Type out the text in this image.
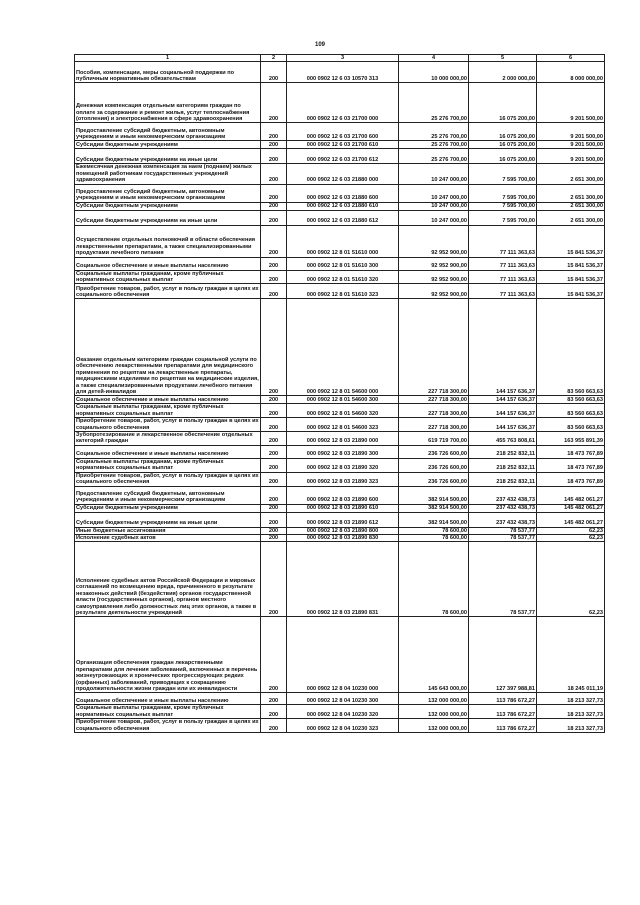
109
1	2	3	4	5	6
Пособия, компенсации, меры социальной поддержки по публичным нормативным обязательствам	200	000 0902 12 6 03 10570 313	10 000 000,00	2 000 000,00	8 000 000,00
Денежная компенсация отдельным категориям граждан по оплате за содержание и ремонт жилья, услуг теплоснабжения (отопления) и электроснабжения в сфере здравоохранения	200	000 0902 12 6 03 21700 000	25 276 700,00	16 075 200,00	9 201 500,00
Предоставление субсидий бюджетным, автономным учреждениям и иным некоммерческим организациям	200	000 0902 12 6 03 21700 600	25 276 700,00	16 075 200,00	9 201 500,00
Субсидии бюджетным учреждениям	200	000 0902 12 6 03 21700 610	25 276 700,00	16 075 200,00	9 201 500,00
Субсидии бюджетным учреждениям на иные цели	200	000 0902 12 6 03 21700 612	25 276 700,00	16 075 200,00	9 201 500,00
Ежемесячная денежная компенсация за наем (поднаем) жилых помещений работникам государственных учреждений здравоохранения	200	000 0902 12 6 03 21880 000	10 247 000,00	7 595 700,00	2 651 300,00
Предоставление субсидий бюджетным, автономным учреждениям и иным некоммерческим организациям	200	000 0902 12 6 03 21880 600	10 247 000,00	7 595 700,00	2 651 300,00
Субсидии бюджетным учреждениям	200	000 0902 12 6 03 21880 610	10 247 000,00	7 595 700,00	2 651 300,00
Субсидии бюджетным учреждениям на иные цели	200	000 0902 12 6 03 21880 612	10 247 000,00	7 595 700,00	2 651 300,00
Осуществление отдельных полномочий в области обеспечения лекарственными препаратами, а также специализированными продуктами лечебного питания	200	000 0902 12 8 01 51610 000	92 952 900,00	77 111 363,63	15 841 536,37
Социальное обеспечение и иные выплаты населению	200	000 0902 12 8 01 51610 300	92 952 900,00	77 111 363,63	15 841 536,37
Социальные выплаты гражданам, кроме публичных нормативных социальных выплат	200	000 0902 12 8 01 51610 320	92 952 900,00	77 111 363,63	15 841 536,37
Приобретение товаров, работ, услуг в пользу граждан в целях их социального обеспечения	200	000 0902 12 8 01 51610 323	92 952 900,00	77 111 363,63	15 841 536,37
Оказание отдельным категориям граждан социальной услуги по обеспечению лекарственными препаратами для медицинского применения по рецептам на лекарственные препараты, медицинскими изделиями по рецептам на медицинские изделия, а также специализированными продуктами лечебного питания для детей-инвалидов	200	000 0902 12 8 01 54600 000	227 718 300,00	144 157 636,37	83 560 663,63
Социальное обеспечение и иные выплаты населению	200	000 0902 12 8 01 54600 300	227 718 300,00	144 157 636,37	83 560 663,63
Социальные выплаты гражданам, кроме публичных нормативных социальных выплат	200	000 0902 12 8 01 54600 320	227 718 300,00	144 157 636,37	83 560 663,63
Приобретение товаров, работ, услуг в пользу граждан в целях их социального обеспечения	200	000 0902 12 8 01 54600 323	227 718 300,00	144 157 636,37	83 560 663,63
Зубопротезирование и лекарственное обеспечение отдельных категорий граждан	200	000 0902 12 8 03 21890 000	619 719 700,00	455 763 808,61	163 955 891,39
Социальное обеспечение и иные выплаты населению	200	000 0902 12 8 03 21890 300	236 726 600,00	218 252 832,11	18 473 767,89
Социальные выплаты гражданам, кроме публичных нормативных социальных выплат	200	000 0902 12 8 03 21890 320	236 726 600,00	218 252 832,11	18 473 767,89
Приобретение товаров, работ, услуг в пользу граждан в целях их социального обеспечения	200	000 0902 12 8 03 21890 323	236 726 600,00	218 252 832,11	18 473 767,89
Предоставление субсидий бюджетным, автономным учреждениям и иным некоммерческим организациям	200	000 0902 12 8 03 21890 600	382 914 500,00	237 432 438,73	145 482 061,27
Субсидии бюджетным учреждениям	200	000 0902 12 8 03 21890 610	382 914 500,00	237 432 438,73	145 482 061,27
Субсидии бюджетным учреждениям на иные цели	200	000 0902 12 8 03 21890 612	382 914 500,00	237 432 438,73	145 482 061,27
Иные бюджетные ассигнования	200	000 0902 12 8 03 21890 800	78 600,00	78 537,77	62,23
Исполнение судебных актов	200	000 0902 12 8 03 21890 830	78 600,00	78 537,77	62,23
Исполнение судебных актов Российской Федерации и мировых соглашений по возмещению вреда, причиненного в результате незаконных действий (бездействия) органов государственной власти (государственных органов), органов местного самоуправления либо должностных лиц этих органов, а также в результате деятельности учреждений	200	000 0902 12 8 03 21890 831	78 600,00	78 537,77	62,23
Организация обеспечения граждан лекарственными препаратами для лечения заболеваний, включенных в перечень жизнеугрожающих и хронических прогрессирующих редких (орфанных) заболеваний, приводящих к сокращению продолжительности жизни граждан или их инвалидности	200	000 0902 12 8 04 10230 000	145 643 000,00	127 397 988,81	18 245 011,19
Социальное обеспечение и иные выплаты населению	200	000 0902 12 8 04 10230 300	132 000 000,00	113 786 672,27	18 213 327,73
Социальные выплаты гражданам, кроме публичных нормативных социальных выплат	200	000 0902 12 8 04 10230 320	132 000 000,00	113 786 672,27	18 213 327,73
Приобретение товаров, работ, услуг в пользу граждан в целях их социального обеспечения	200	000 0902 12 8 04 10230 323	132 000 000,00	113 786 672,27	18 213 327,73
